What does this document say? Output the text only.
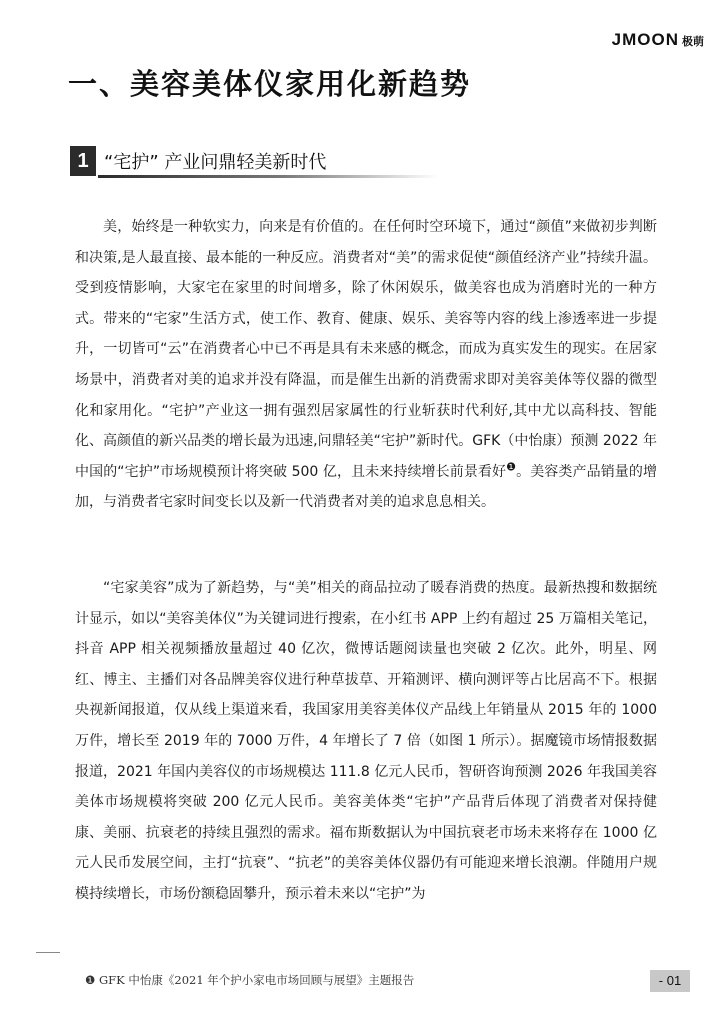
JMOON 极萌
一、美容美体仪家用化新趋势
1 “宅护” 产业问鼎轻美新时代

美，始终是一种软实力，向来是有价值的。在任何时空环境下，通过“颜值”来做初步判断和决策,是人最直接、最本能的一种反应。消费者对“美”的需求促使“颜值经济产业”持续升温。受到疫情影响，大家宅在家里的时间增多，除了休闲娱乐，做美容也成为消磨时光的一种方式。带来的“宅家”生活方式，使工作、教育、健康、娱乐、美容等内容的线上渗透率进一步提升，一切皆可“云”在消费者心中已不再是具有未来感的概念，而成为真实发生的现实。在居家场景中，消费者对美的追求并没有降温，而是催生出新的消费需求即对美容美体等仪器的微型化和家用化。“宅护”产业这一拥有强烈居家属性的行业斩获时代利好,其中尤以高科技、智能化、高颜值的新兴品类的增长最为迅速,问鼎轻美“宅护”新时代。GFK（中怡康）预测 2022 年中国的“宅护”市场规模预计将突破 500 亿，且未来持续增长前景看好$^❶$。美容类产品销量的增加，与消费者宅家时间变长以及新一代消费者对美的追求息息相关。

“宅家美容”成为了新趋势，与“美”相关的商品拉动了暖春消费的热度。最新热搜和数据统计显示，如以“美容美体仪”为关键词进行搜索，在小红书 APP 上约有超过 25 万篇相关笔记，抖音 APP 相关视频播放量超过 40 亿次，微博话题阅读量也突破 2 亿次。此外，明星、网红、博主、主播们对各品牌美容仪进行种草拔草、开箱测评、横向测评等占比居高不下。根据央视新闻报道，仅从线上渠道来看，我国家用美容美体仪产品线上年销量从 2015 年的 1000 万件，增长至 2019 年的 7000 万件，4 年增长了 7 倍（如图 1 所示）。据魔镜市场情报数据报道，2021 年国内美容仪的市场规模达 111.8 亿元人民币，智研咨询预测 2026 年我国美容美体市场规模将突破 200 亿元人民币。美容美体类“宅护”产品背后体现了消费者对保持健康、美丽、抗衰老的持续且强烈的需求。福布斯数据认为中国抗衰老市场未来将存在 1000 亿元人民币发展空间，主打“抗衰”、“抗老”的美容美体仪器仍有可能迎来增长浪潮。伴随用户规模持续增长，市场份额稳固攀升，预示着未来以“宅护”为

❶ GFK 中怡康《2021 年个护小家电市场回顾与展望》主题报告	- 01
